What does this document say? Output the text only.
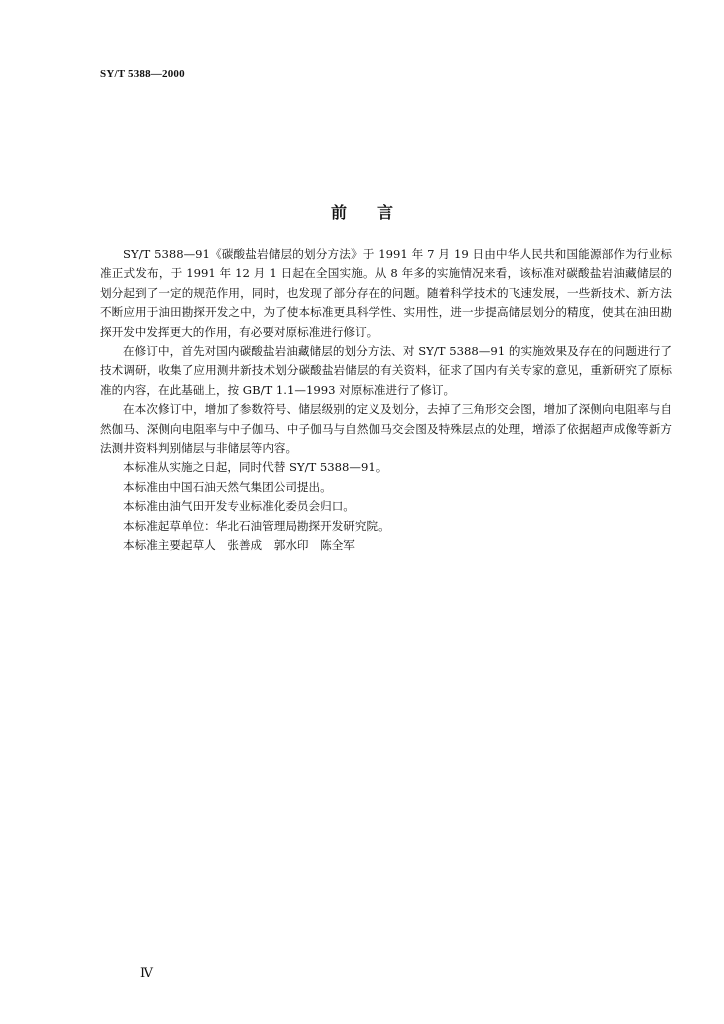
SY/T 5388—2000
前言

SY/T 5388—91《碳酸盐岩储层的划分方法》于 1991 年 7 月 19 日由中华人民共和国能源部作为行业标准正式发布，于 1991 年 12 月 1 日起在全国实施。从 8 年多的实施情况来看，该标准对碳酸盐岩油藏储层的划分起到了一定的规范作用，同时，也发现了部分存在的问题。随着科学技术的飞速发展，一些新技术、新方法不断应用于油田勘探开发之中，为了使本标准更具科学性、实用性，进一步提高储层划分的精度，使其在油田勘探开发中发挥更大的作用，有必要对原标准进行修订。

在修订中，首先对国内碳酸盐岩油藏储层的划分方法、对 SY/T 5388—91 的实施效果及存在的问题进行了技术调研，收集了应用测井新技术划分碳酸盐岩储层的有关资料，征求了国内有关专家的意见，重新研究了原标准的内容，在此基础上，按 GB/T 1.1—1993 对原标准进行了修订。

在本次修订中，增加了参数符号、储层级别的定义及划分，去掉了三角形交会图，增加了深侧向电阻率与自然伽马、深侧向电阻率与中子伽马、中子伽马与自然伽马交会图及特殊层点的处理，增添了依据超声成像等新方法测井资料判别储层与非储层等内容。

本标准从实施之日起，同时代替 SY/T 5388—91。

本标准由中国石油天然气集团公司提出。

本标准由油气田开发专业标准化委员会归口。

本标准起草单位：华北石油管理局勘探开发研究院。

本标准主要起草人　张善成　郭水印　陈全军

Ⅳ
